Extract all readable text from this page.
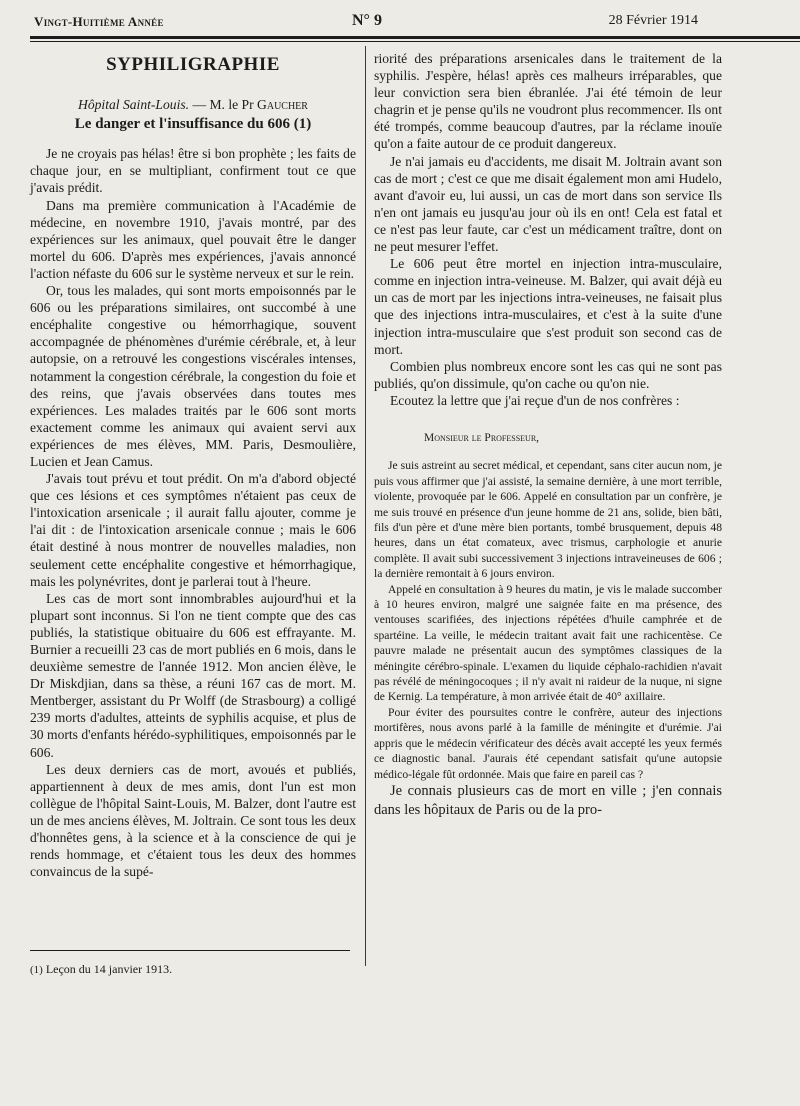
Vingt-Huitième Année	N° 9	28 Février 1914
SYPHILIGRAPHIE
Hôpital Saint-Louis. — M. le Pr Gaucher
Le danger et l'insuffisance du 606 (1)

Je ne croyais pas hélas! être si bon prophète ; les faits de chaque jour, en se multipliant, confirment tout ce que j'avais prédit.

Dans ma première communication à l'Académie de médecine, en novembre 1910, j'avais montré, par des expériences sur les animaux, quel pouvait être le danger mortel du 606. D'après mes expériences, j'avais annoncé l'action néfaste du 606 sur le système nerveux et sur le rein.

Or, tous les malades, qui sont morts empoisonnés par le 606 ou les préparations similaires, ont succombé à une encéphalite congestive ou hémorrhagique, souvent accompagnée de phénomènes d'urémie cérébrale, et, à leur autopsie, on a retrouvé les congestions viscérales intenses, notamment la congestion cérébrale, la congestion du foie et des reins, que j'avais observées dans toutes mes expériences. Les malades traités par le 606 sont morts exactement comme les animaux qui avaient servi aux expériences de mes élèves, MM. Paris, Desmoulière, Lucien et Jean Camus.

J'avais tout prévu et tout prédit. On m'a d'abord objecté que ces lésions et ces symptômes n'étaient pas ceux de l'intoxication arsenicale ; il aurait fallu ajouter, comme je l'ai dit : de l'intoxication arsenicale connue ; mais le 606 était destiné à nous montrer de nouvelles maladies, non seulement cette encéphalite congestive et hémorrhagique, mais les polynévrites, dont je parlerai tout à l'heure.

Les cas de mort sont innombrables aujourd'hui et la plupart sont inconnus. Si l'on ne tient compte que des cas publiés, la statistique obituaire du 606 est effrayante. M. Burnier a recueilli 23 cas de mort publiés en 6 mois, dans le deuxième semestre de l'année 1912. Mon ancien élève, le Dr Miskdjian, dans sa thèse, a réuni 167 cas de mort. M. Mentberger, assistant du Pr Wolff (de Strasbourg) a colligé 239 morts d'adultes, atteints de syphilis acquise, et plus de 30 morts d'enfants hérédo-syphilitiques, empoisonnés par le 606.

Les deux derniers cas de mort, avoués et publiés, appartiennent à deux de mes amis, dont l'un est mon collègue de l'hôpital Saint-Louis, M. Balzer, dont l'autre est un de mes anciens élèves, M. Joltrain. Ce sont tous les deux d'honnêtes gens, à la science et à la conscience de qui je rends hommage, et c'étaient tous les deux des hommes convaincus de la supé-

(1) Leçon du 14 janvier 1913.

riorité des préparations arsenicales dans le traitement de la syphilis. J'espère, hélas! après ces malheurs irréparables, que leur conviction sera bien ébranlée. J'ai été témoin de leur chagrin et je pense qu'ils ne voudront plus recommencer. Ils ont été trompés, comme beaucoup d'autres, par la réclame inouïe qu'on a faite autour de ce produit dangereux.

Je n'ai jamais eu d'accidents, me disait M. Joltrain avant son cas de mort ; c'est ce que me disait également mon ami Hudelo, avant d'avoir eu, lui aussi, un cas de mort dans son service Ils n'en ont jamais eu jusqu'au jour où ils en ont! Cela est fatal et ce n'est pas leur faute, car c'est un médicament traître, dont on ne peut mesurer l'effet.

Le 606 peut être mortel en injection intra-musculaire, comme en injection intra-veineuse. M. Balzer, qui avait déjà eu un cas de mort par les injections intra-veineuses, ne faisait plus que des injections intra-musculaires, et c'est à la suite d'une injection intra-musculaire que s'est produit son second cas de mort.

Combien plus nombreux encore sont les cas qui ne sont pas publiés, qu'on dissimule, qu'on cache ou qu'on nie.

Ecoutez la lettre que j'ai reçue d'un de nos confrères :

Monsieur le Professeur,

Je suis astreint au secret médical, et cependant, sans citer aucun nom, je puis vous affirmer que j'ai assisté, la semaine dernière, à une mort terrible, violente, provoquée par le 606. Appelé en consultation par un confrère, je me suis trouvé en présence d'un jeune homme de 21 ans, solide, bien bâti, fils d'un père et d'une mère bien portants, tombé brusquement, depuis 48 heures, dans un état comateux, avec trismus, carphologie et anurie complète. Il avait subi successivement 3 injections intraveineuses de 606 ; la dernière remontait à 6 jours environ.

Appelé en consultation à 9 heures du matin, je vis le malade succomber à 10 heures environ, malgré une saignée faite en ma présence, des ventouses scarifiées, des injections répétées d'huile camphrée et de spartéine. La veille, le médecin traitant avait fait une rachicentèse. Ce pauvre malade ne présentait aucun des symptômes classiques de la méningite cérébro-spinale. L'examen du liquide céphalo-rachidien n'avait pas révélé de méningocoques ; il n'y avait ni raideur de la nuque, ni signe de Kernig. La température, à mon arrivée était de 40° axillaire.

Pour éviter des poursuites contre le confrère, auteur des injections mortifères, nous avons parlé à la famille de méningite et d'urémie. J'ai appris que le médecin vérificateur des décès avait accepté les yeux fermés ce diagnostic banal. J'aurais été cependant satisfait qu'une autopsie médico-légale fût ordonnée. Mais que faire en pareil cas ?

Je connais plusieurs cas de mort en ville ; j'en connais dans les hôpitaux de Paris ou de la pro-
